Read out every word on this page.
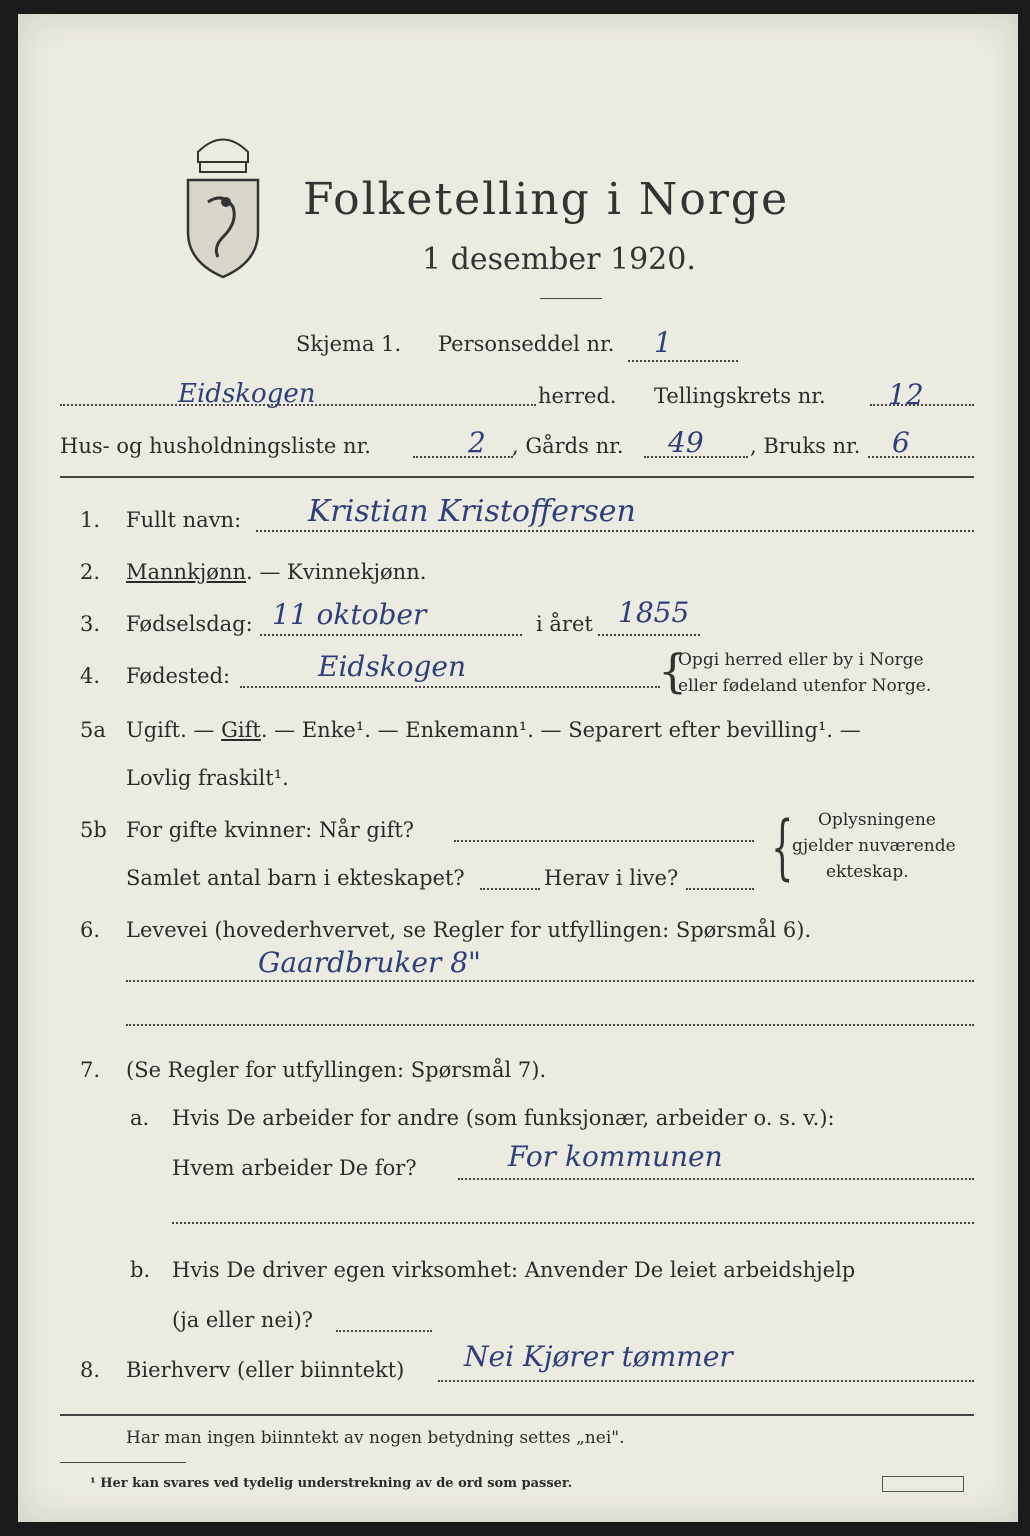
Folketelling i Norge
1 desember 1920.
Skjema 1. Personseddel nr. 1
Eidskogen	herred. Tellingskrets nr. 12
Hus- og husholdningsliste nr.	2 , Gårds nr. 49 , Bruks nr. 6
1. Fullt navn: Kristian Kristoffersen
2. Mannkjønn. — Kvinnekjønn.
3. Fødselsdag: 11 oktober	i året 1855
4. Fødested:	Eidskogen	{
Opgi herred eller by i Norge
eller fødeland utenfor Norge.
5a Ugift. — Gift. — Enke¹. — Enkemann¹. — Separert efter bevilling¹. —
Lovlig fraskilt¹.
5b For gifte kvinner: Når gift?
Samlet antal barn i ekteskapet?	Herav i live? { Oplysningene
gjelder nuværende
ekteskap.
6. Levevei (hovederhvervet, se Regler for utfyllingen: Spørsmål 6).
Gaardbruker 8"
7. (Se Regler for utfyllingen: Spørsmål 7).
a. Hvis De arbeider for andre (som funksjonær, arbeider o. s. v.):
Hvem arbeider De for?	For kommunen
b. Hvis De driver egen virksomhet: Anvender De leiet arbeidshjelp
(ja eller nei)?
8. Bierhverv (eller biinntekt) Nei Kjører tømmer
Har man ingen biinntekt av nogen betydning settes „nei".
¹ Her kan svares ved tydelig understrekning av de ord som passer.
